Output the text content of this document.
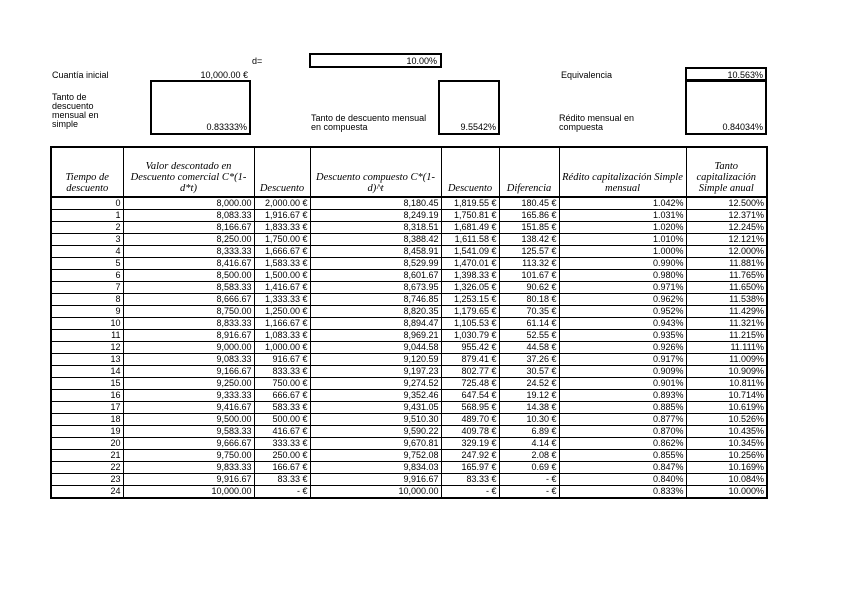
d=	10.00%
Cuantía inicial	10,000.00 €	Equivalencia	10.563%
Tanto de descuento mensual en simple	0.83333%
Tanto de descuento mensual en compuesta	9.5542%
Rédito mensual en compuesta	0.84034%
Tiempo de descuento	Valor descontado en Descuento comercial C*(1-d*t)	Descuento	Descuento compuesto C*(1-d)^t	Descuento	Diferencia	Rédito capitalización Simple mensual	Tanto capitalización Simple anual
0	8,000.00	2,000.00 €	8,180.45	1,819.55 €	180.45 €	1.042%	12.500%
1	8,083.33	1,916.67 €	8,249.19	1,750.81 €	165.86 €	1.031%	12.371%
2	8,166.67	1,833.33 €	8,318.51	1,681.49 €	151.85 €	1.020%	12.245%
3	8,250.00	1,750.00 €	8,388.42	1,611.58 €	138.42 €	1.010%	12.121%
4	8,333.33	1,666.67 €	8,458.91	1,541.09 €	125.57 €	1.000%	12.000%
5	8,416.67	1,583.33 €	8,529.99	1,470.01 €	113.32 €	0.990%	11.881%
6	8,500.00	1,500.00 €	8,601.67	1,398.33 €	101.67 €	0.980%	11.765%
7	8,583.33	1,416.67 €	8,673.95	1,326.05 €	90.62 €	0.971%	11.650%
8	8,666.67	1,333.33 €	8,746.85	1,253.15 €	80.18 €	0.962%	11.538%
9	8,750.00	1,250.00 €	8,820.35	1,179.65 €	70.35 €	0.952%	11.429%
10	8,833.33	1,166.67 €	8,894.47	1,105.53 €	61.14 €	0.943%	11.321%
11	8,916.67	1,083.33 €	8,969.21	1,030.79 €	52.55 €	0.935%	11.215%
12	9,000.00	1,000.00 €	9,044.58	955.42 €	44.58 €	0.926%	11.111%
13	9,083.33	916.67 €	9,120.59	879.41 €	37.26 €	0.917%	11.009%
14	9,166.67	833.33 €	9,197.23	802.77 €	30.57 €	0.909%	10.909%
15	9,250.00	750.00 €	9,274.52	725.48 €	24.52 €	0.901%	10.811%
16	9,333.33	666.67 €	9,352.46	647.54 €	19.12 €	0.893%	10.714%
17	9,416.67	583.33 €	9,431.05	568.95 €	14.38 €	0.885%	10.619%
18	9,500.00	500.00 €	9,510.30	489.70 €	10.30 €	0.877%	10.526%
19	9,583.33	416.67 €	9,590.22	409.78 €	6.89 €	0.870%	10.435%
20	9,666.67	333.33 €	9,670.81	329.19 €	4.14 €	0.862%	10.345%
21	9,750.00	250.00 €	9,752.08	247.92 €	2.08 €	0.855%	10.256%
22	9,833.33	166.67 €	9,834.03	165.97 €	0.69 €	0.847%	10.169%
23	9,916.67	83.33 €	9,916.67	83.33 €	- €	0.840%	10.084%
24	10,000.00	- €	10,000.00	- €	- €	0.833%	10.000%
